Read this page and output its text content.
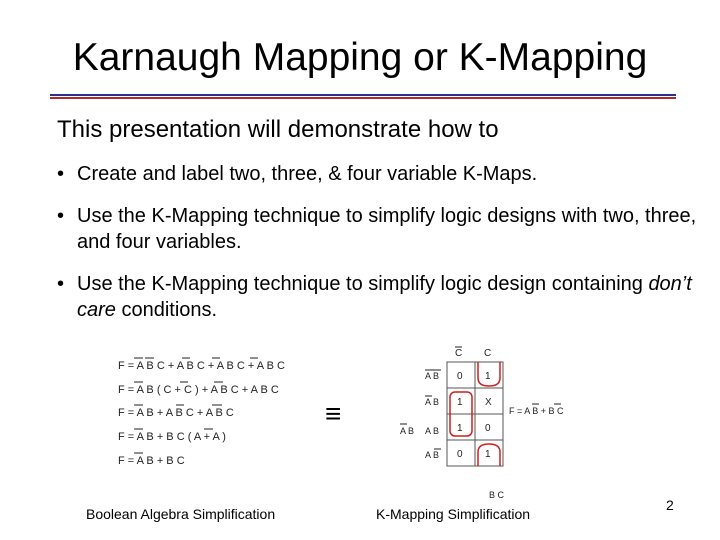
Karnaugh Mapping or K-Mapping
This presentation will demonstrate how to
• Create and label two, three, & four variable K-Maps.
• Use the K-Mapping technique to simplify logic designs with two, three, and four variables.
• Use the K-Mapping technique to simplify logic design containing don’t care conditions.
F = A B C + A B C + A B C + A B C
F = A B ( C + C ) + A B C + A B C
F = A B + A B C + A B C
F = A B + B C ( A + A )
F = A B + B C
≡
C C
A B
A B
A B
A B
A B
0 1
1 X
1 0
0 1
B C
F = A B + B C
Boolean Algebra Simplification	K-Mapping Simplification
2
